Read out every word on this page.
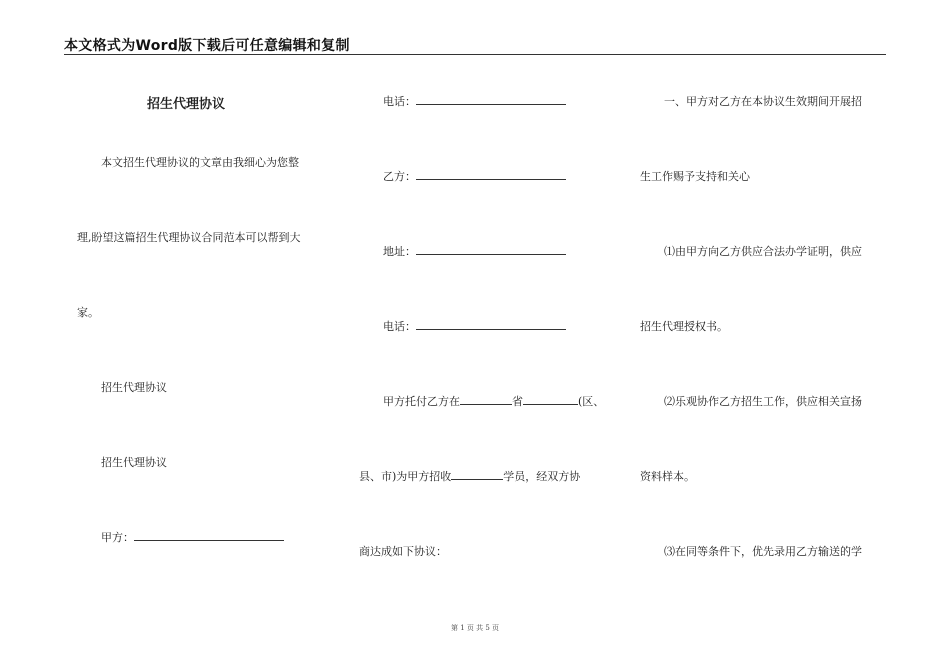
本文格式为Word版下载后可任意编辑和复制
招生代理协议
本文招生代理协议的文章由我细心为您整
理,盼望这篇招生代理协议合同范本可以帮到大
家。
招生代理协议
招生代理协议
甲方：
电话：
乙方：
地址：
电话：
甲方托付乙方在	省	(区、
县、市)为甲方招收	学员，经双方协
商达成如下协议：
一、甲方对乙方在本协议生效期间开展招
生工作赐予支持和关心
⑴由甲方向乙方供应合法办学证明，供应
招生代理授权书。
⑵乐观协作乙方招生工作，供应相关宣扬
资料样本。
⑶在同等条件下，优先录用乙方输送的学
第 1 页 共 5 页
